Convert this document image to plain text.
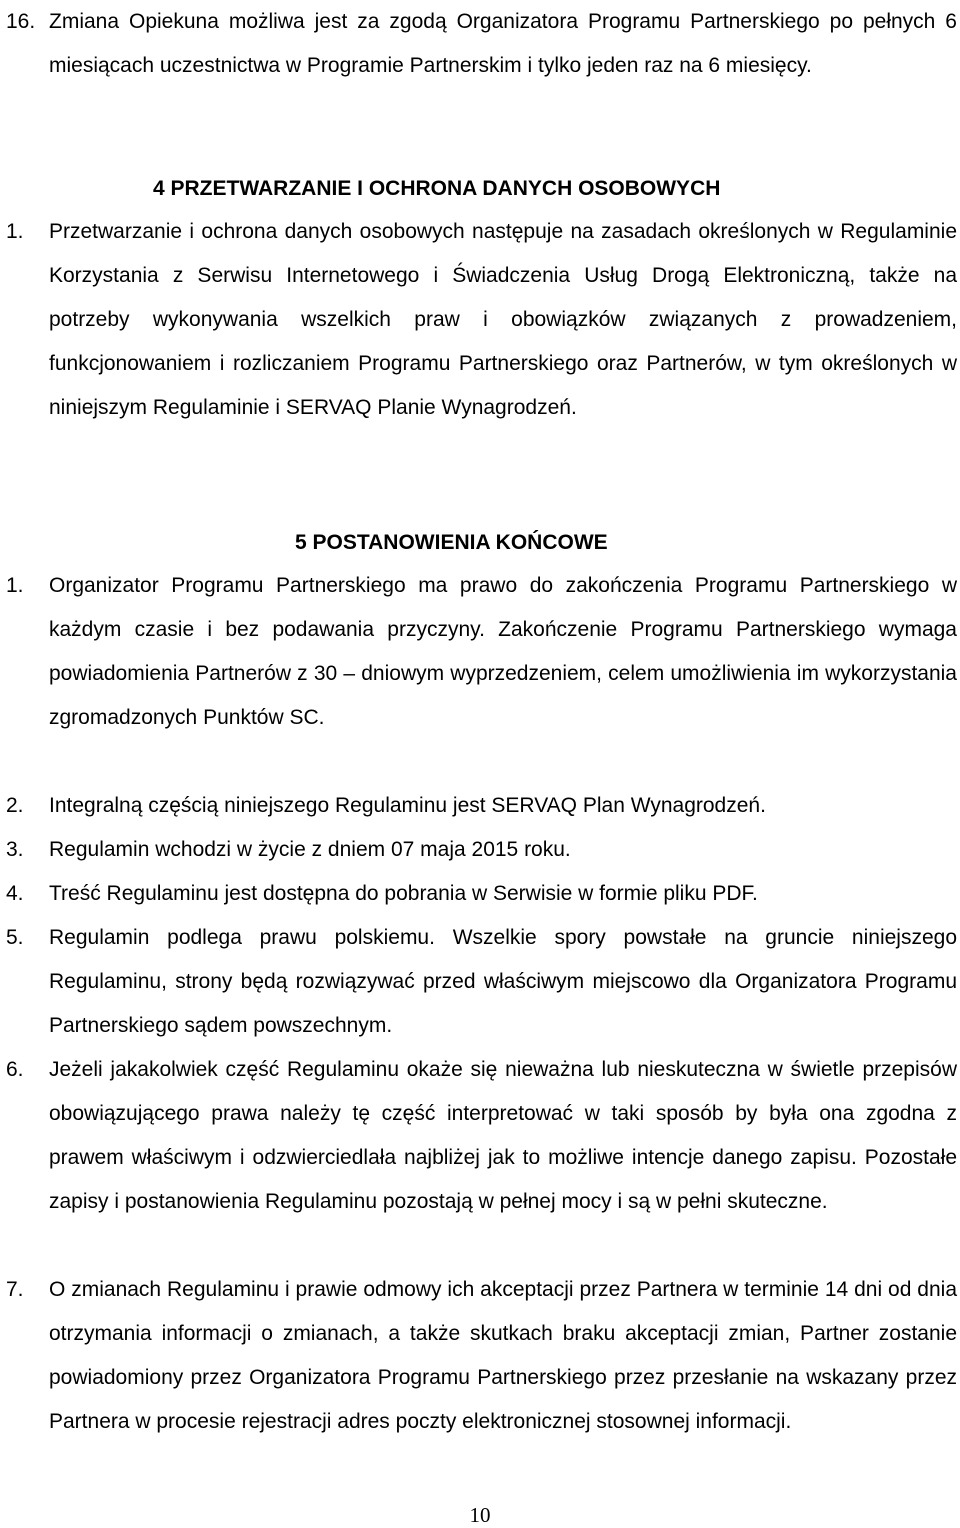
16. Zmiana Opiekuna możliwa jest za zgodą Organizatora Programu Partnerskiego po pełnych 6 miesiącach uczestnictwa w Programie Partnerskim i tylko jeden raz na 6 miesięcy.
4 PRZETWARZANIE I OCHRONA DANYCH OSOBOWYCH
1. Przetwarzanie i ochrona danych osobowych następuje na zasadach określonych w Regulaminie Korzystania z Serwisu Internetowego i Świadczenia Usług Drogą Elektroniczną, także na potrzeby wykonywania wszelkich praw i obowiązków związanych z prowadzeniem, funkcjonowaniem i rozliczaniem Programu Partnerskiego oraz Partnerów, w tym określonych w niniejszym Regulaminie i SERVAQ Planie Wynagrodzeń.
5 POSTANOWIENIA KOŃCOWE
1. Organizator Programu Partnerskiego ma prawo do zakończenia Programu Partnerskiego w każdym czasie i bez podawania przyczyny. Zakończenie Programu Partnerskiego wymaga powiadomienia Partnerów z 30 – dniowym wyprzedzeniem, celem umożliwienia im wykorzystania zgromadzonych Punktów SC.
2. Integralną częścią niniejszego Regulaminu jest SERVAQ Plan Wynagrodzeń.
3. Regulamin wchodzi w życie z dniem 07 maja 2015 roku.
4. Treść Regulaminu jest dostępna do pobrania w Serwisie w formie pliku PDF.
5. Regulamin podlega prawu polskiemu. Wszelkie spory powstałe na gruncie niniejszego Regulaminu, strony będą rozwiązywać przed właściwym miejscowo dla Organizatora Programu Partnerskiego sądem powszechnym.
6. Jeżeli jakakolwiek część Regulaminu okaże się nieważna lub nieskuteczna w świetle przepisów obowiązującego prawa należy tę część interpretować w taki sposób by była ona zgodna z prawem właściwym i odzwierciedlała najbliżej jak to możliwe intencje danego zapisu. Pozostałe zapisy i postanowienia Regulaminu pozostają w pełnej mocy i są w pełni skuteczne.
7. O zmianach Regulaminu i prawie odmowy ich akceptacji przez Partnera w terminie 14 dni od dnia otrzymania informacji o zmianach, a także skutkach braku akceptacji zmian, Partner zostanie powiadomiony przez Organizatora Programu Partnerskiego przez przesłanie na wskazany przez Partnera w procesie rejestracji adres poczty elektronicznej stosownej informacji.
10
